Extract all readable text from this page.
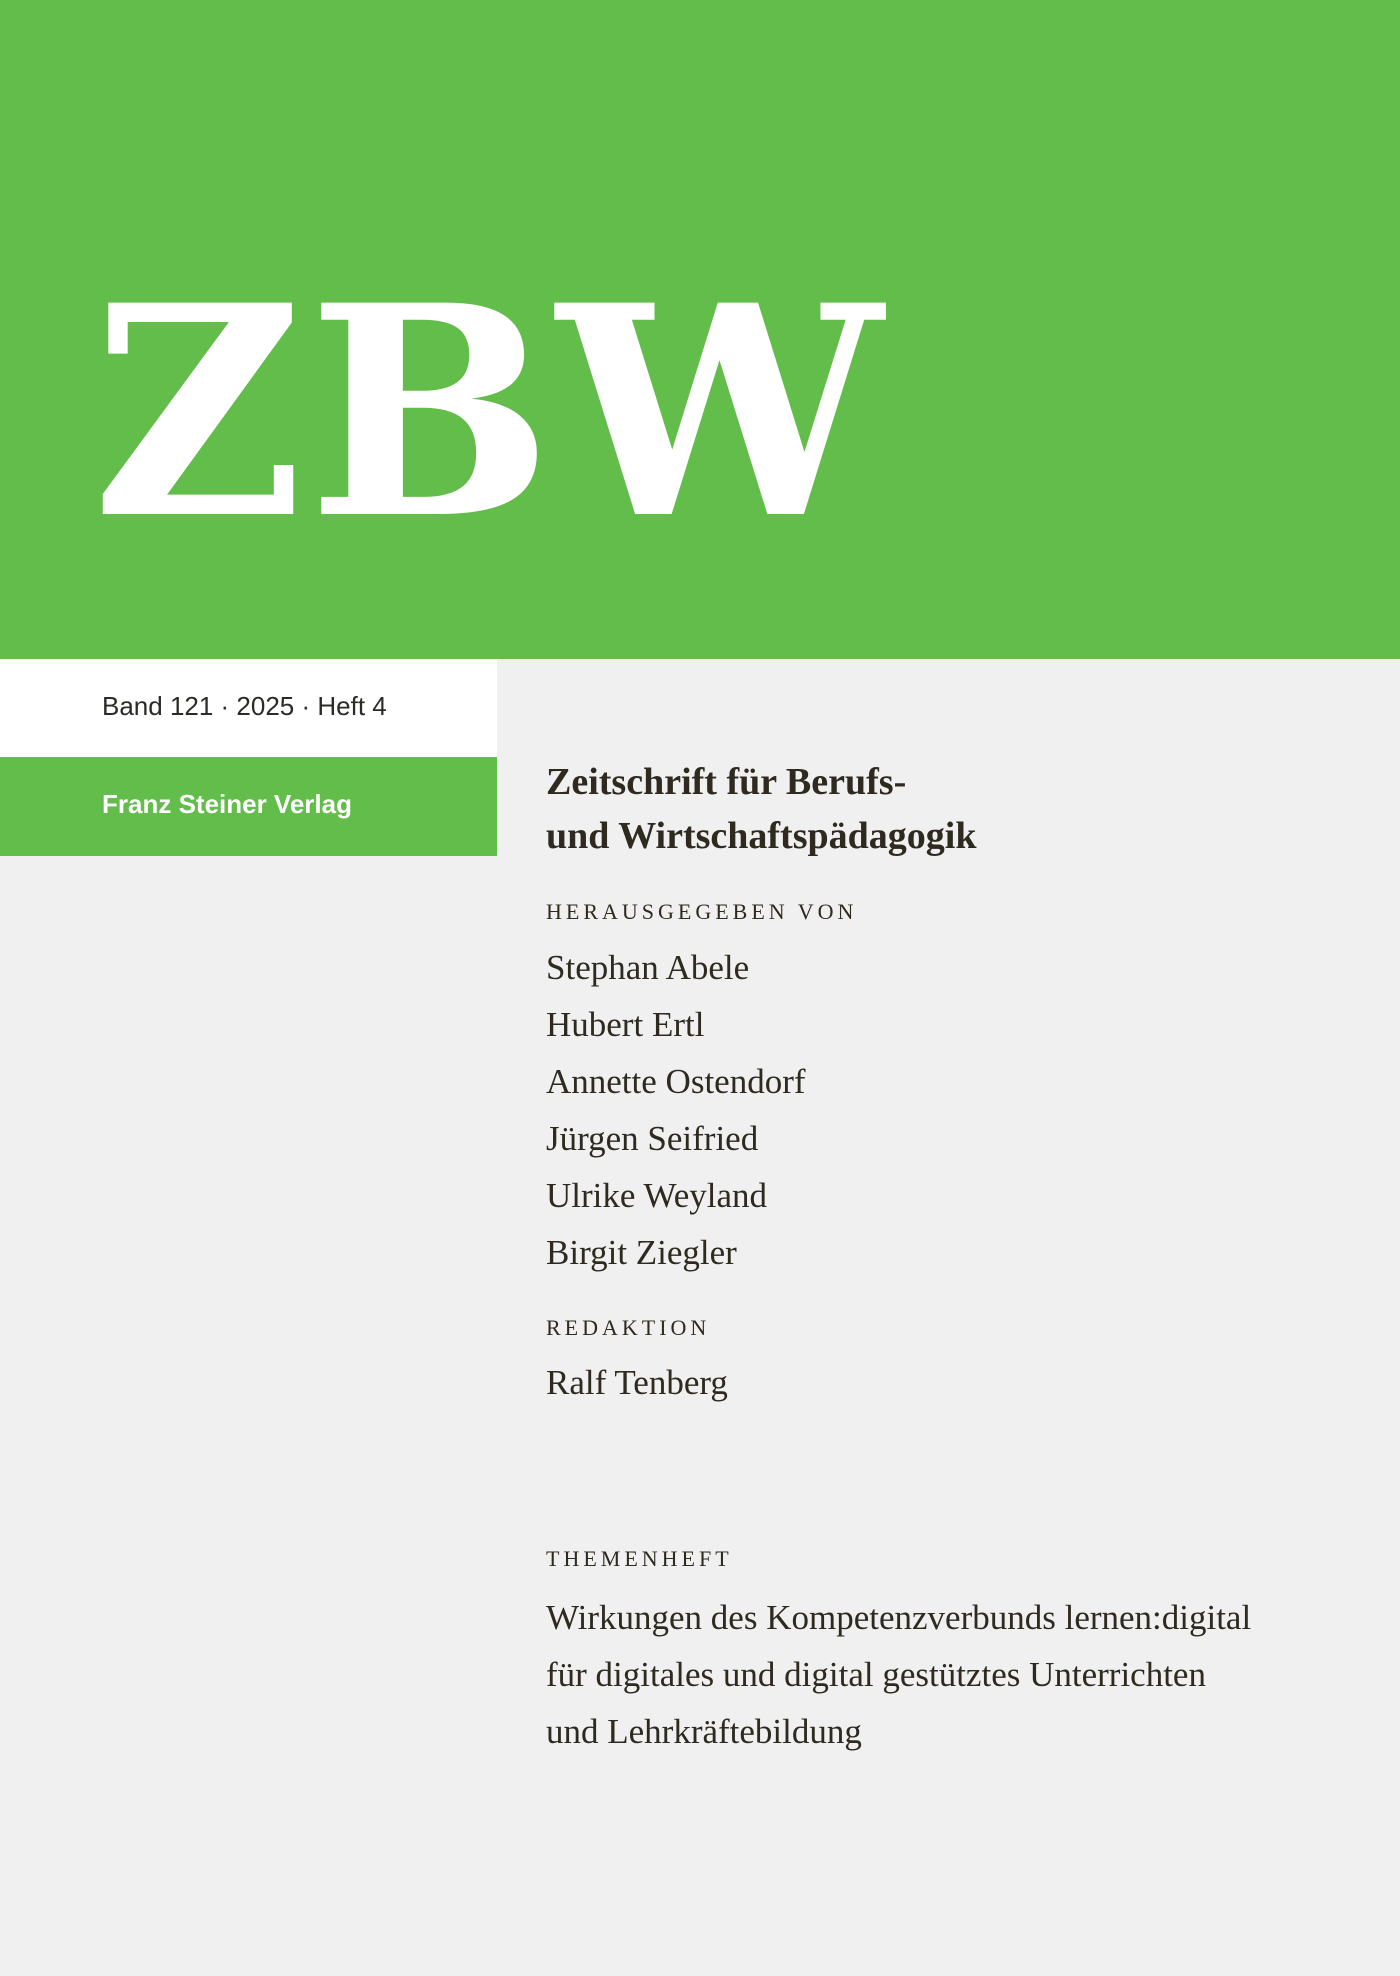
ZBW
Band 121 · 2025 · Heft 4
Franz Steiner Verlag
Zeitschrift für Berufs-
und Wirtschaftspädagogik
HERAUSGEGEBEN VON
Stephan Abele
Hubert Ertl
Annette Ostendorf
Jürgen Seifried
Ulrike Weyland
Birgit Ziegler
REDAKTION
Ralf Tenberg
THEMENHEFT
Wirkungen des Kompetenzverbunds lernen:digital
für digitales und digital gestütztes Unterrichten
und Lehrkräftebildung
